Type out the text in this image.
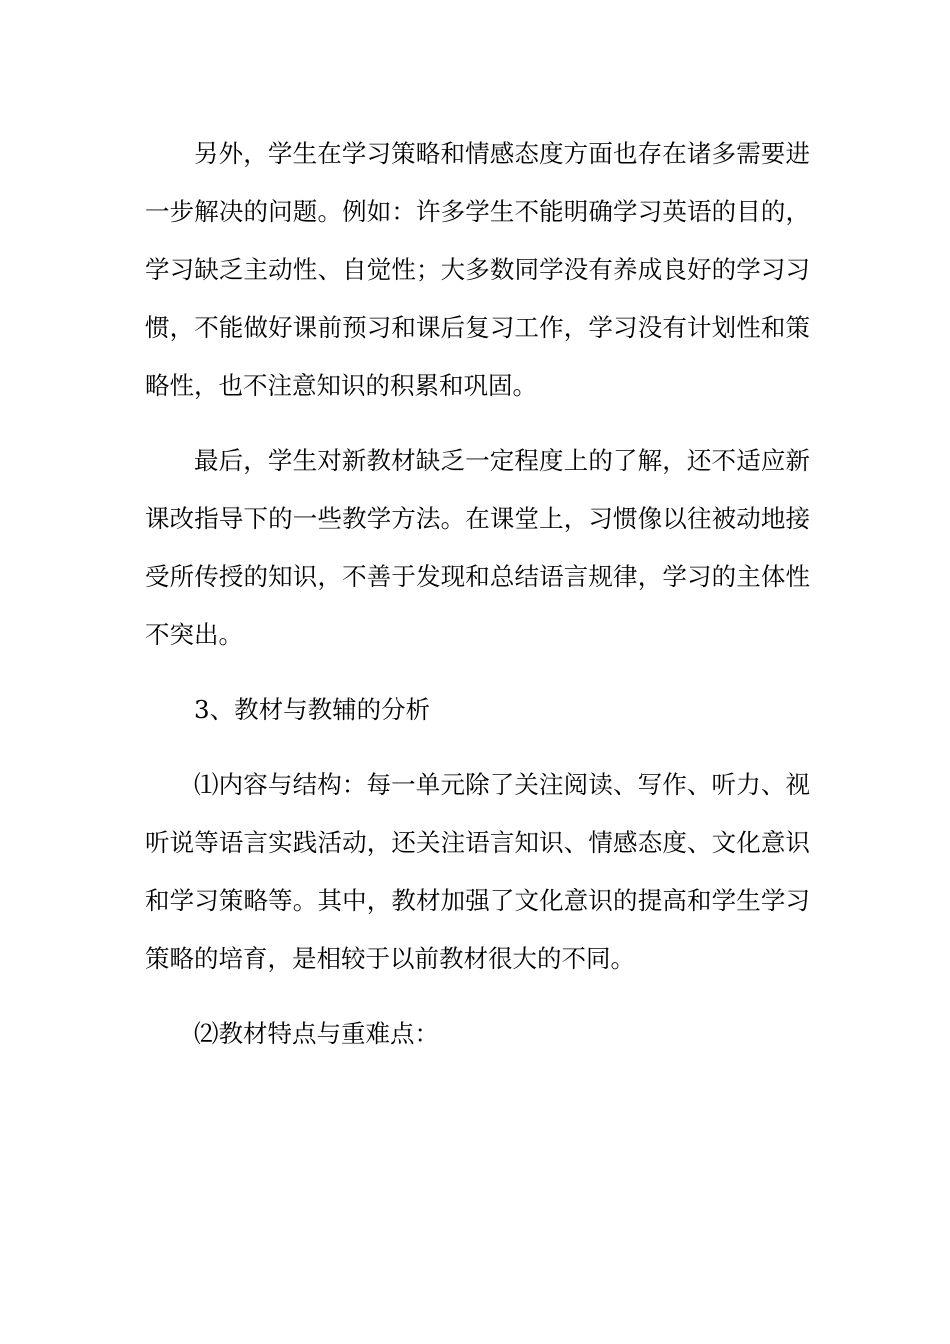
另外，学生在学习策略和情感态度方面也存在诸多需要进一步解决的问题。例如：许多学生不能明确学习英语的目的，学习缺乏主动性、自觉性；大多数同学没有养成良好的学习习惯，不能做好课前预习和课后复习工作，学习没有计划性和策略性，也不注意知识的积累和巩固。

最后，学生对新教材缺乏一定程度上的了解，还不适应新课改指导下的一些教学方法。在课堂上，习惯像以往被动地接受所传授的知识，不善于发现和总结语言规律，学习的主体性不突出。

3、教材与教辅的分析

⑴内容与结构：每一单元除了关注阅读、写作、听力、视听说等语言实践活动，还关注语言知识、情感态度、文化意识和学习策略等。其中，教材加强了文化意识的提高和学生学习策略的培育，是相较于以前教材很大的不同。

⑵教材特点与重难点：
